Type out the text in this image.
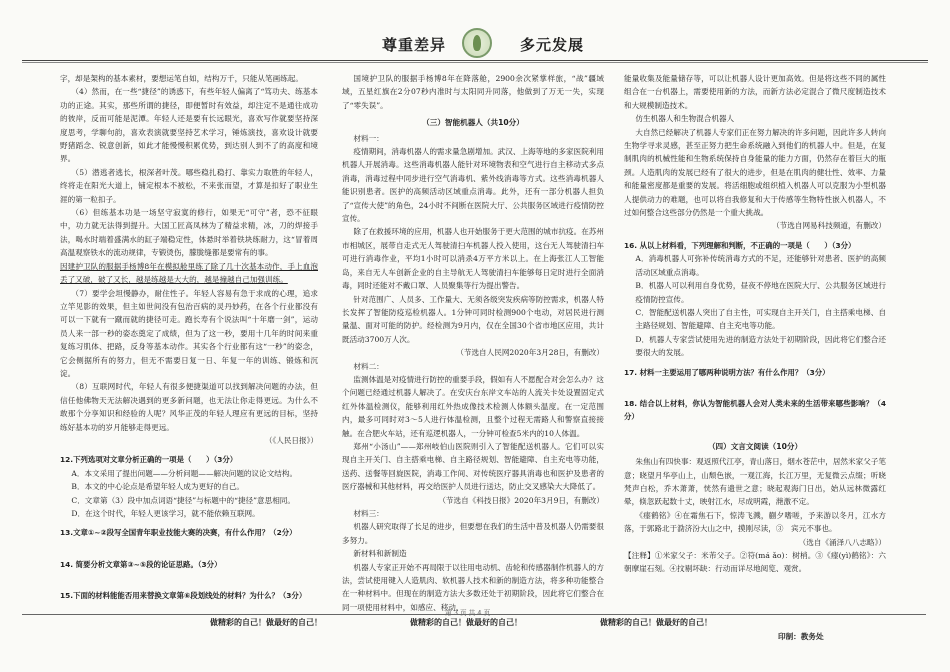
尊重差异	多元发展

字，却是架构的基本素材，要想运笔自如，结构万千，只能从笔画练起。

（4）然而，在一些“捷径”的诱惑下，有些年轻人偏离了“笃功夫、练基本功的正途。其实，那些所谓的捷径，即便暂时有效益，却注定不是通往成功的彼岸，反而可能是泥潭。年轻人还是要有长远眼光，喜欢写作就要坚持深度思考，学聊句韵，喜欢表演就要坚持艺术学习，锤炼演技，喜欢设计就要野猪蹈念、锐意创新，如此才能慢慢积累优势，到达别人到不了的高度和境界。

（5）潜逃者逃长，根深者叶茂。哪些稳扎稳打、靠实力取胜的年轻人，终将走在阳光大道上，铺定根本不被松，不来张而望，才算是扣好了职业生涯的第一粒扣子。

（6）但练基本功是一场坚守寂寞的修行，如果无“可守”者，恐不征眼中，功力就无法得到提升。大国工匠高凤林为了精益求精，冰，刀的焊接手法，喝水时端着盛满水的缸子端稳定性，体悬时举着铁块练耐力，这“冒着周高温观察铁水的流动规律，专锻烫伤，朦胧缝都是要常有的事。

因建护卫队的服据手杨博8年在模拟舱里练了除了几十次基本动作，手上血泡丢了又破，破了又长，越是练越是大大的，越是撞越自己加强训练。

（7）要学会坦慢静办，耐住性子。年轻人容易有急于求成的心理，追求立竿见影的效果，但主如世间没有包治百病的灵丹妙药，在各个行业都没有可以一下就有一蹴而就的捷径可走。跑长寿有个说法叫“十年磨一剑”，运动员人来一部一秒的姿态奠定了成绩，但为了这一秒，要用十几年的时间来重复练习肌体、把路，反身等基本动作。其实各个行业都有这“一秒”的姿念，它会侧据所有的努力，但无不需要日复一日、年复一年的训练、锻炼和沉淀。

（8）互联网时代，年轻人有很多便捷渠道可以找到解决问题的办法，但信任他佛物天无法解决遇到的更多新问题，也无法让你走得更远。为什么不敢那个分享知识和经验的人呢？风华正茂的年轻人理应有更远的目标，坚持练好基本功的岁月能够走得更远。

（《人民日报》）

12.下列选项对文章分析正确的一项是（　　）（3分）

A．本文采用了提出问题——分析问题——解决问题的议论文结构。

B．本文的中心论点是希望年轻人成为更好的自己。

C．文章第（3）段中加点词语“捷径”与标题中的“捷径”意思相同。

D．在这个时代，年轻人更该学习，就不能依赖互联网。

13.文章①~②段写全国青年职业技能大赛的决赛，有什么作用？（2分）

14. 简要分析文章第③~⑤段的论证思路。（3分）

15.下面的材料能能否用来替换文章第⑥段划线处的材料？为什么？（3分）

国境护卫队的服据手杨博8年在降落舱，2900余次紧掌样旅，“战”疆域域，五星红旗在2分07秒内准时与太阳同升同落，他做到了万无一失，实现了“零失误”。

（三）智能机器人（共10分）

材料一：

疫情期间，消毒机器人的需求量急剧增加。武汉、上海等地的多家医院利用机器人开展消毒。这些消毒机器人能针对环境物表和空气进行自主移动式多点消毒，消毒过程中同步进行空气消毒机、紫外线消毒等方式。这些消毒机器人能识别患者。医护的高频活动区域重点消毒。此外，还有一部分机器人担负了“宣传大使”的角色，24小时不间断在医院大厅、公共服务区域进行疫情防控宣传。

除了在救援环境的应用，机器人也开始服务于更大范围的城市抗疫。在苏州市相城区，展带自走式无人驾驶清扫车机器人投入使用，这台无人驾驶清扫车可进行消毒作业，平均1小时可以消杀4万平方米以上。在上海张江人工智能岛，来自无人车创新企业的自主导航无人驾驶清扫车能够每日定时进行全面消毒，同时还能对不戴口罩、人员聚集等行为提出警告。

针对范围广、人员多、工作量大、无须各级突发疾病等防控需求，机器人特长发挥了智能防疫巡检机器人。1分钟可同时检测900个电动，对居民进行测量温、面对可能的防护。经检测为9月内，仅在全国30个省市地区应用，共计既活动3700万人次。

（节选自人民网2020年3月28日，有删改）

材料二：

监测体温是对疫情进行防控的重要手段，假如有人不愿配合对会怎么办？这个问题已经通过机器人解决了。在安庆台东岸文车站的人流关卡处设置固定式红外体温检测仪，能够利用红外热成像技术检测人体额头温度。在一定范围内，最多可同时对3～5人进行体温检测，且整个过程无需路人和警察直接接触。在合肥火车站，还有巡逻机器人，一分钟可检查5米内的10人体温。

郑州“小汤山”——郑州岐伯山医院则引入了智能配送机器人。它们可以实现自主开关门、自主搭乘电梯、自主路径规划、智能避障、自主充电等功能，送药、送餐等回旋医院，消毒工作间、对传统医疗器具消毒也和医护及患者的医疗器械和其他材料，再交给医护人员进行送达，防止交叉感染大大降低了。

（节选自《科技日报》2020年3月9日，有删改）

材料三：

机器人研究取得了长足的进步，但要想在我们的生活中普及机器人仍需要很多努力。

新材料和新制造

机器人专家正开始不再局限于以往用电动机、齿轮和传感器制作机器人的方法，尝试使用键入人造肌肉、软机器人技术和新的制造方法，将多种功能整合在一种材料中。但现在的制造方法大多数还处于初期阶段，因此将它们整合在同一项使用材料中，如感应、移动、

能量收集及能量储存等，可以让机器人设计更加高效。但是将这些不同的属性组合在一台机器上，需要使用新的方法，而新方法必定混合了微尺度制造技术和大规模制造技术。

仿生机器人和生物混合机器人

大自然已经解决了机器人专家们正在努力解决的许多问题，因此许多人转向生物学寻求灵感，甚至正努力把生命系统融入到他们的机器人中。但是，在复制肌肉的机械性能和生物系统保持自身能量的能力方面，仍然存在着巨大的瓶颈。人造肌肉的发展已经有了很大的进步，但是在肌肉的健壮性、效率、力量和能量密度都是重要的发展。将活细胞或组织植入机器人可以克服为小型机器人提供动力的难题，也可以将自我修复和大于传感等生物特性嵌入机器人，不过如何整合这些部分仍然是一个重大挑战。

（节选自网易科技频道，有删改）

16. 从以上材料看，下列理解和判断，不正确的一项是（　　）（3分）

A．消毒机器人可弥补传统消毒方式的不足，还能够针对患者、医护的高频活动区域重点消毒。

B．机器人可以利用自身优势，昼夜不停地在医院大厅、公共服务区域进行疫情防控宣传。

C．智能配送机器人突出了自主性，可实现自主开关门，自主搭乘电梯、自主路径规划、智能避障、自主充电等功能。

D．机器人专家尝试使用先进的制造方法处于初期阶段，因此将它们整合还要很大的发展。

17. 材料一主要运用了哪两种说明方法？有什么作用？（3分）

18. 结合以上材料，你认为智能机器人会对人类未来的生活带来哪些影响？（4分）

（四）文言文阅读（10分）

朱焦山有四快事：观返照代江亭，青山落日，烟水苍茫中，居然米家父子笔意；晓望月华亭山上，山颓色嵌，一观江海，长江万里，无复微云点缀；听晓梵声白松，乔木萧萧，恍然有遗世之意；晓起观海门日出，始从远林微露红晕，倏忽跃起数十丈，映射江水，尽成明霞，滟激不定。

《瘗鹤铭》④在霜焦石下，惊涛飞溅，蒯夕嗜嗟，予来游以冬月，江水方落，于郭路北于泐济汾大山之中，摸刚尽读，③　宾元不事也。

（选自《涌泽八八志略》）

【注释】①米家父子：米芾父子。②符(má ǎo)：树梢。③《瘗(yì)鹤铭》：六朝摩崖石刻。④抆剔坏缺：行动而详尽地阅览、观赏。

第 3 页 共 4 页
做精彩的自己！做最好的自己！	做精彩的自己！做最好的自己！	做精彩的自己！做最好的自己！
印制：教务处
